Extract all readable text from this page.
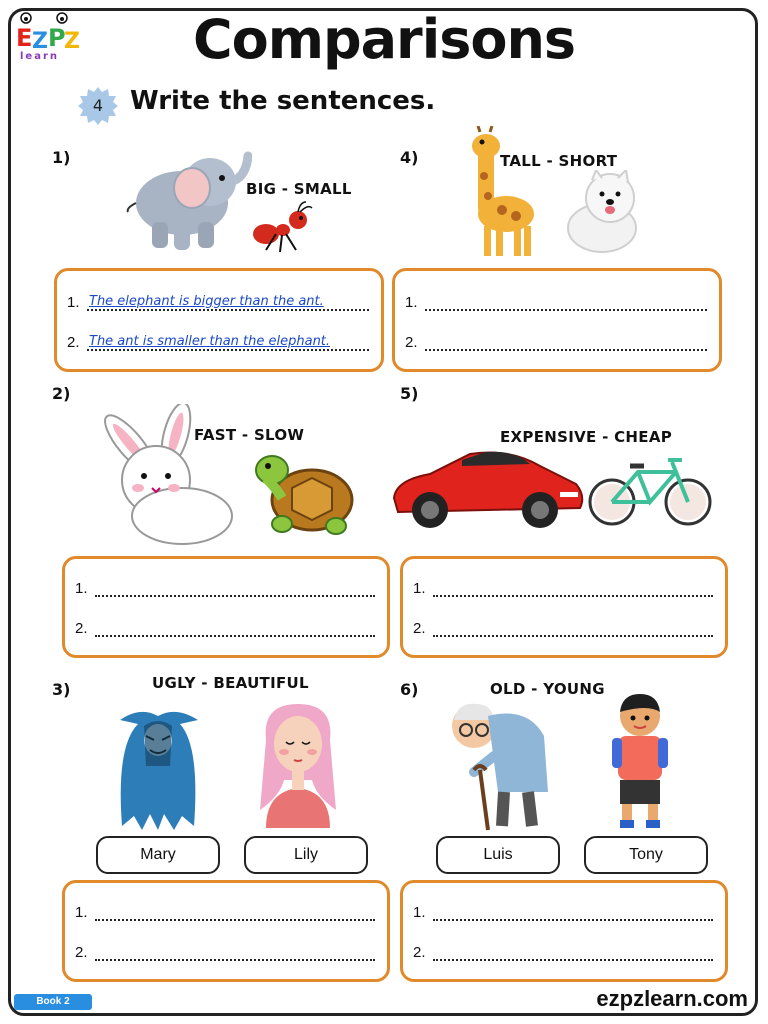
E Z P
Z
learn	Comparisons
4	Write the sentences.
1)
BIG - SMALL
1. The elephant is bigger than the ant.
2. The ant is smaller than the elephant.
4)	TALL - SHORT
1.
2.
2)
FAST - SLOW
1.
2.
5)
EXPENSIVE - CHEAP
1.
2.
3)	UGLY - BEAUTIFUL
Mary	Lily
1.
2.
6)	OLD - YOUNG
Luis	Tony
1.
2.
Book 2	ezpzlearn.com
